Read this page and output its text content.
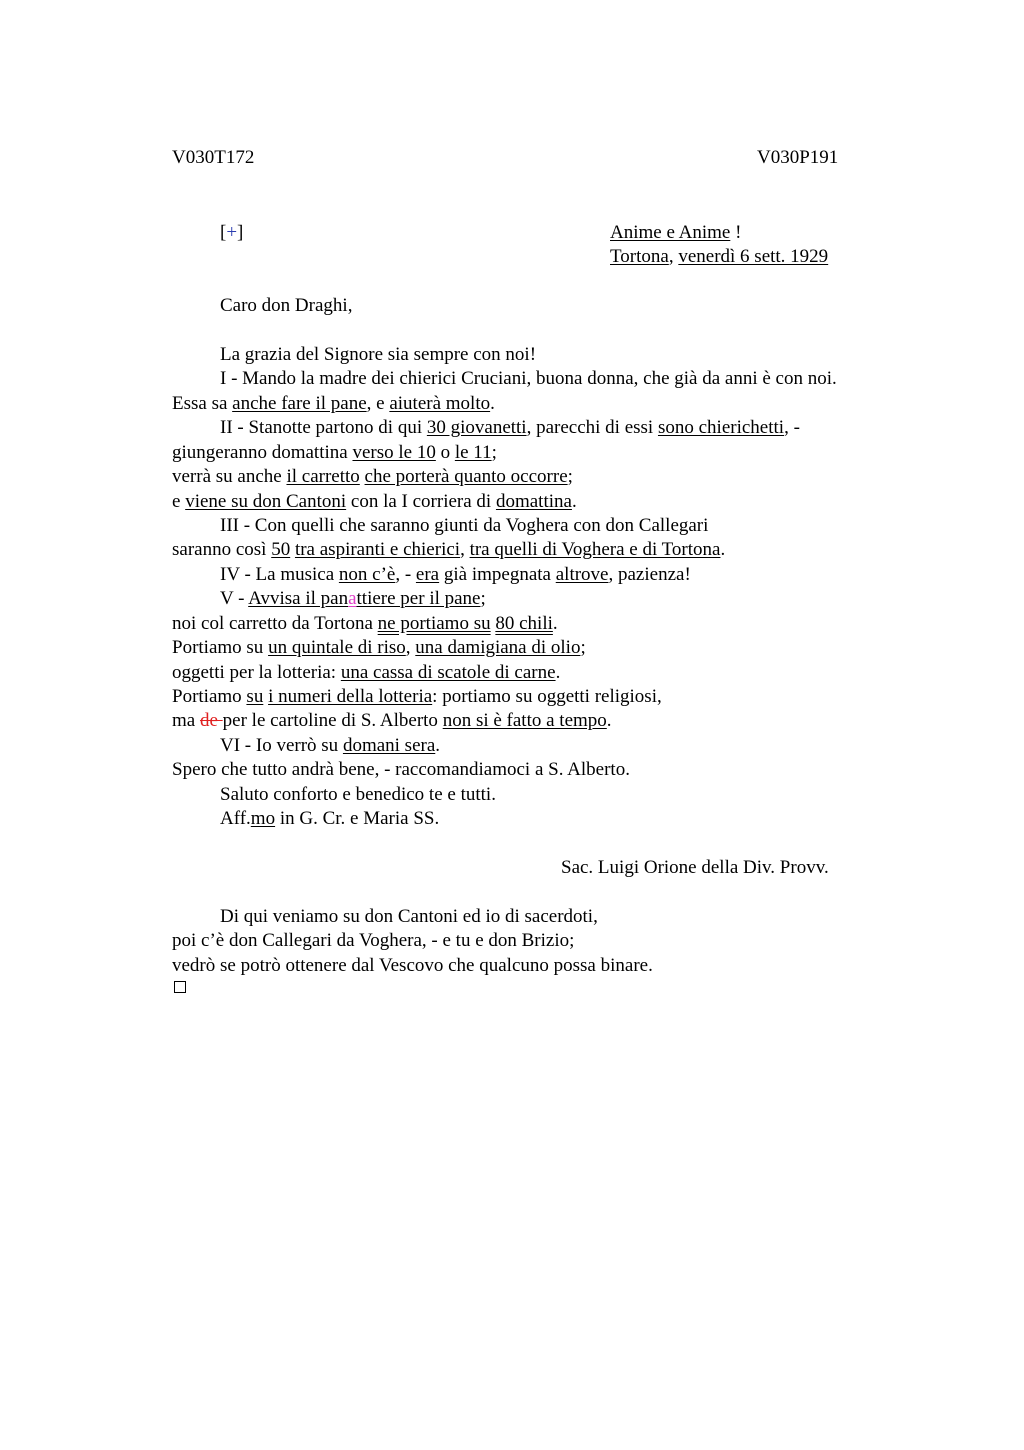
V030T172	V030P191
[+]	Anime e Anime !
Tortona, venerdì 6 sett. 1929
Caro don Draghi,
La grazia del Signore sia sempre con noi!
I - Mando la madre dei chierici Cruciani, buona donna, che già da anni è con noi.
Essa sa anche fare il pane, e aiuterà molto.
II - Stanotte partono di qui 30 giovanetti, parecchi di essi sono chierichetti, -
giungeranno domattina verso le 10 o le 11;
verrà su anche il carretto che porterà quanto occorre;
e viene su don Cantoni con la I corriera di domattina.
III - Con quelli che saranno giunti da Voghera con don Callegari
saranno così 50 tra aspiranti e chierici, tra quelli di Voghera e di Tortona.
IV - La musica non c’è, - era già impegnata altrove, pazienza!
V - Avvisa il panattiere per il pane;
noi col carretto da Tortona ne portiamo su 80 chili.
Portiamo su un quintale di riso, una damigiana di olio;
oggetti per la lotteria: una cassa di scatole di carne.
Portiamo su i numeri della lotteria: portiamo su oggetti religiosi,
ma de per le cartoline di S. Alberto non si è fatto a tempo.
VI - Io verrò su domani sera.
Spero che tutto andrà bene, - raccomandiamoci a S. Alberto.
Saluto conforto e benedico te e tutti.
Aff.mo in G. Cr. e Maria SS.
Sac. Luigi Orione della Div. Provv.
Di qui veniamo su don Cantoni ed io di sacerdoti,
poi c’è don Callegari da Voghera, - e tu e don Brizio;
vedrò se potrò ottenere dal Vescovo che qualcuno possa binare.
